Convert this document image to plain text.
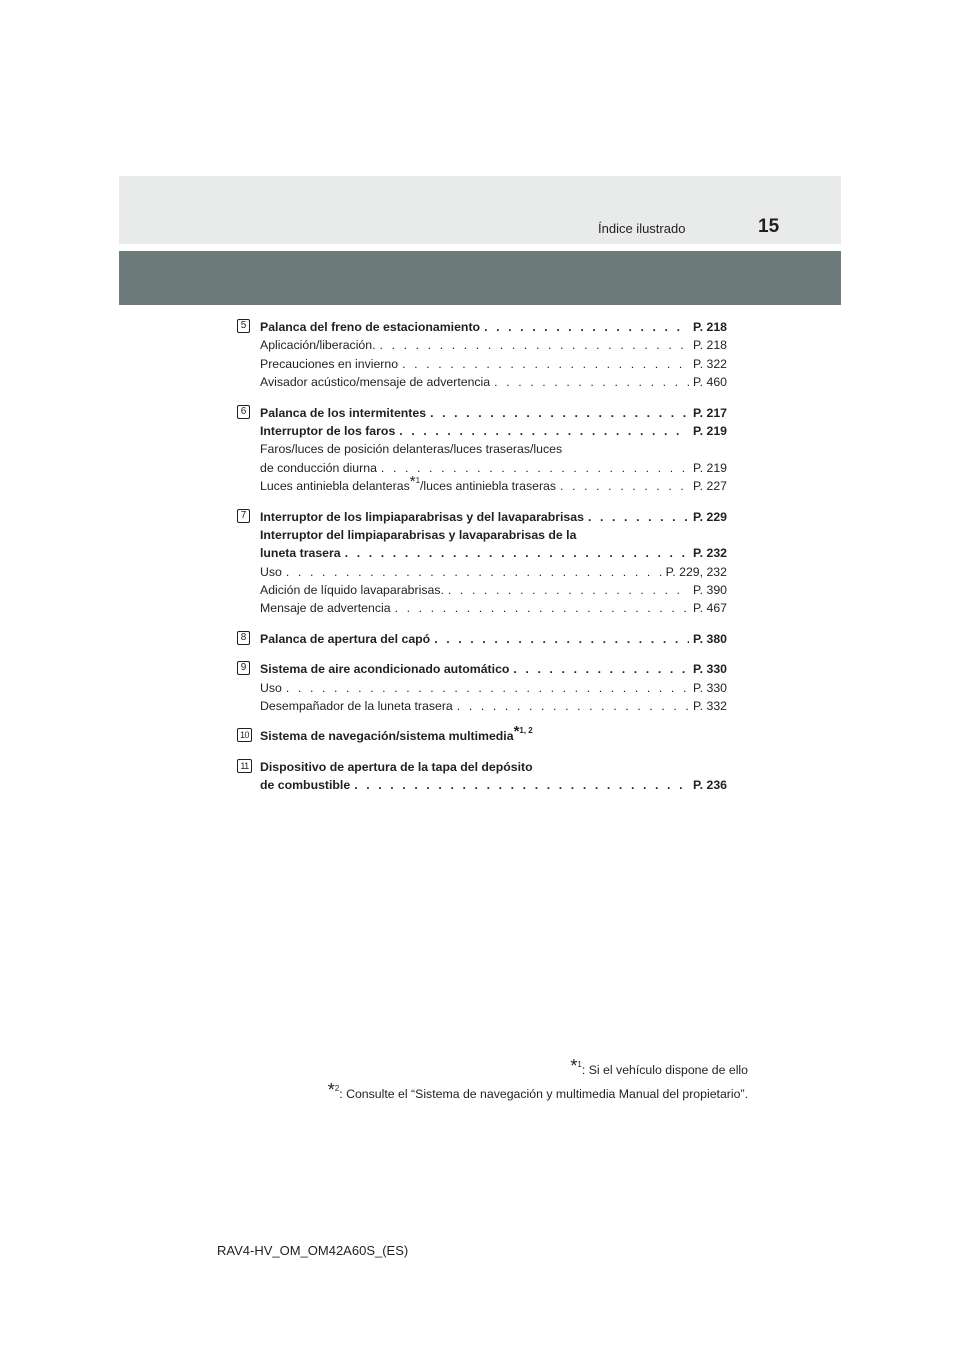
Índice ilustrado	15
5	Palanca del freno de estacionamiento . . .	P. 218
Aplicación/liberación. . . .	P. 218
Precauciones en invierno . . .	P. 322
Avisador acústico/mensaje de advertencia . . .	P. 460
6	Palanca de los intermitentes . . .	P. 217
Interruptor de los faros . . .	P. 219
Faros/luces de posición delanteras/luces traseras/luces
de conducción diurna . . .	P. 219
Luces antiniebla delanteras$^{*1}$/luces antiniebla traseras . . .	P. 227
7	Interruptor de los limpiaparabrisas y del lavaparabrisas . . .	P. 229
Interruptor del limpiaparabrisas y lavaparabrisas de la
luneta trasera . . .	P. 232
Uso . . .	P. 229, 232
Adición de líquido lavaparabrisas. . . .	P. 390
Mensaje de advertencia . . .	P. 467
8	Palanca de apertura del capó . . .	P. 380
9	Sistema de aire acondicionado automático . . .	P. 330
Uso . . .	P. 330
Desempañador de la luneta trasera . . .	P. 332
10 Sistema de navegación/sistema multimedia$^{*1, 2}$
11 Dispositivo de apertura de la tapa del depósito
de combustible . . .	P. 236
$^{*1}$: Si el vehículo dispone de ello
$^{*2}$: Consulte el “Sistema de navegación y multimedia Manual del propietario”.
RAV4-HV_OM_OM42A60S_(ES)
